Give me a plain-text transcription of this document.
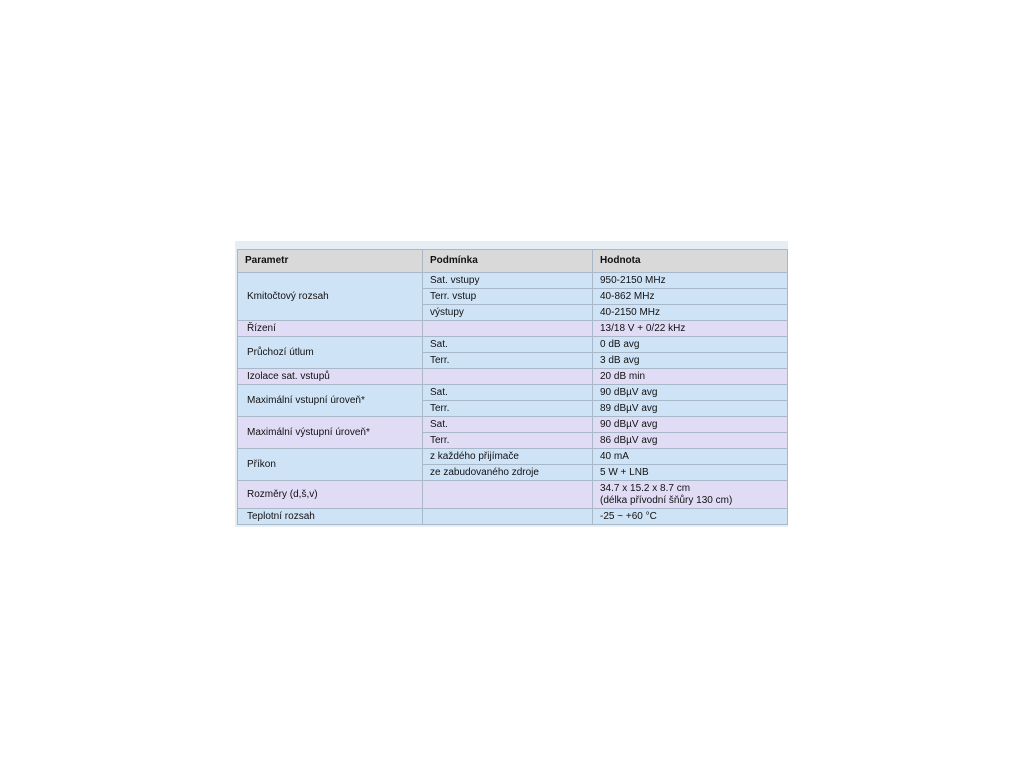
Parametr	Podmínka	Hodnota
Kmitočtový rozsah	Sat. vstupy	950-2150 MHz
	Terr. vstup	40-862 MHz
	výstupy	40-2150 MHz
Řízení		13/18 V + 0/22 kHz
Průchozí útlum	Sat.	0 dB avg
	Terr.	3 dB avg
Izolace sat. vstupů		20 dB min
Maximální vstupní úroveň*	Sat.	90 dBµV avg
	Terr.	89 dBµV avg
Maximální výstupní úroveň*	Sat.	90 dBµV avg
	Terr.	86 dBµV avg
Příkon	z každého přijímače	40 mA
	ze zabudovaného zdroje	5 W + LNB
Rozměry (d,š,v)		34.7 x 15.2 x 8.7 cm
(délka přívodní šňůry 130 cm)

Teplotní rozsah		-25 ~ +60 °C
